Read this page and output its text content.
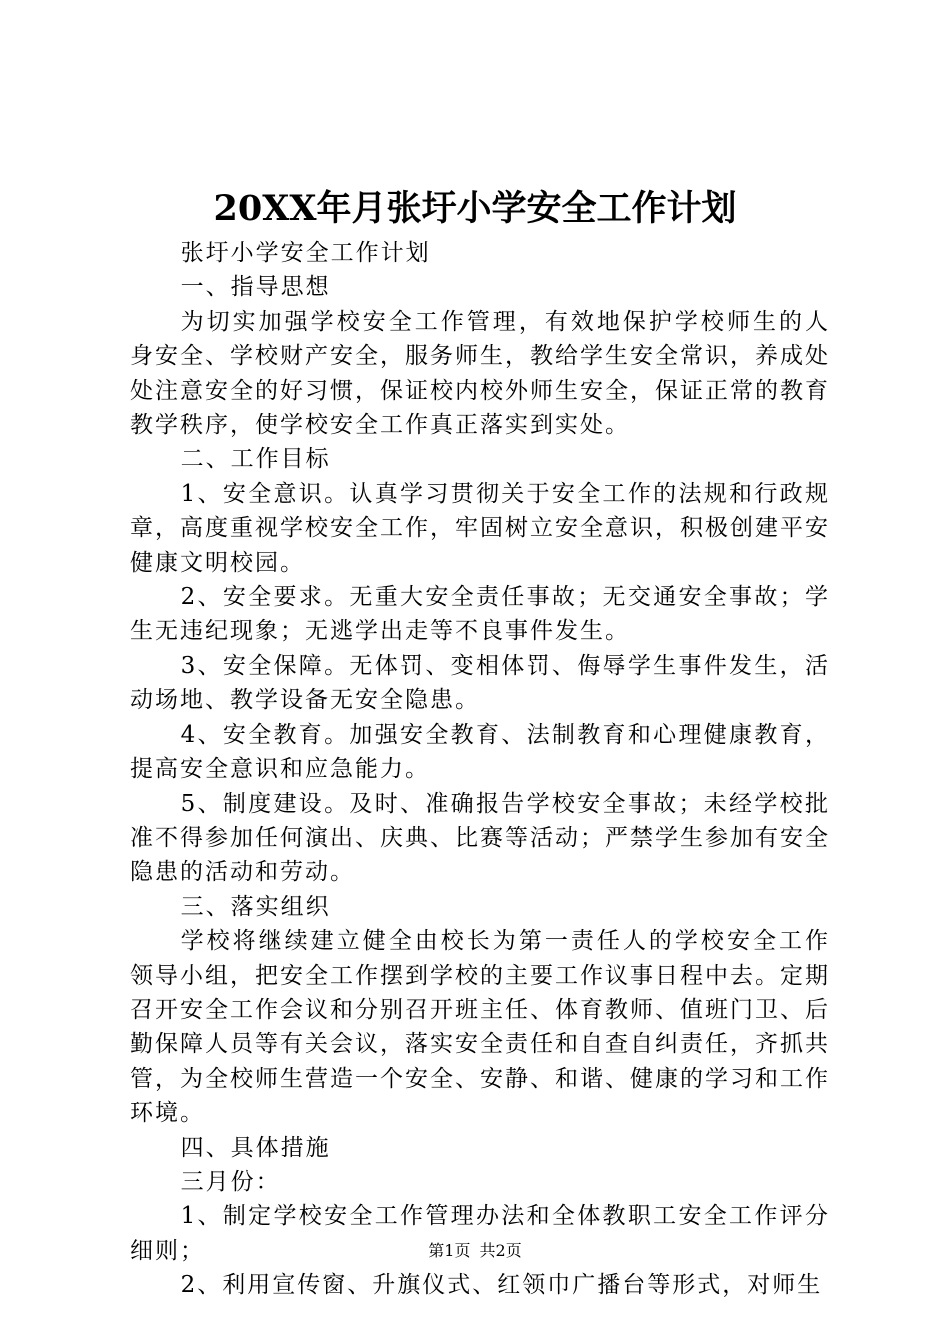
20XX年月张圩小学安全工作计划

张圩小学安全工作计划

一、指导思想

为切实加强学校安全工作管理，有效地保护学校师生的人身安全、学校财产安全，服务师生，教给学生安全常识，养成处处注意安全的好习惯，保证校内校外师生安全，保证正常的教育教学秩序，使学校安全工作真正落实到实处。

二、工作目标

1、安全意识。认真学习贯彻关于安全工作的法规和行政规章，高度重视学校安全工作，牢固树立安全意识，积极创建平安健康文明校园。

2、安全要求。无重大安全责任事故；无交通安全事故；学生无违纪现象；无逃学出走等不良事件发生。

3、安全保障。无体罚、变相体罚、侮辱学生事件发生，活动场地、教学设备无安全隐患。

4、安全教育。加强安全教育、法制教育和心理健康教育，提高安全意识和应急能力。

5、制度建设。及时、准确报告学校安全事故；未经学校批准不得参加任何演出、庆典、比赛等活动；严禁学生参加有安全隐患的活动和劳动。

三、落实组织

学校将继续建立健全由校长为第一责任人的学校安全工作领导小组，把安全工作摆到学校的主要工作议事日程中去。定期召开安全工作会议和分别召开班主任、体育教师、值班门卫、后勤保障人员等有关会议，落实安全责任和自查自纠责任，齐抓共管，为全校师生营造一个安全、安静、和谐、健康的学习和工作环境。

四、具体措施

三月份：

1、制定学校安全工作管理办法和全体教职工安全工作评分细则；

2、利用宣传窗、升旗仪式、红领巾广播台等形式，对师生

第1页 共2页
